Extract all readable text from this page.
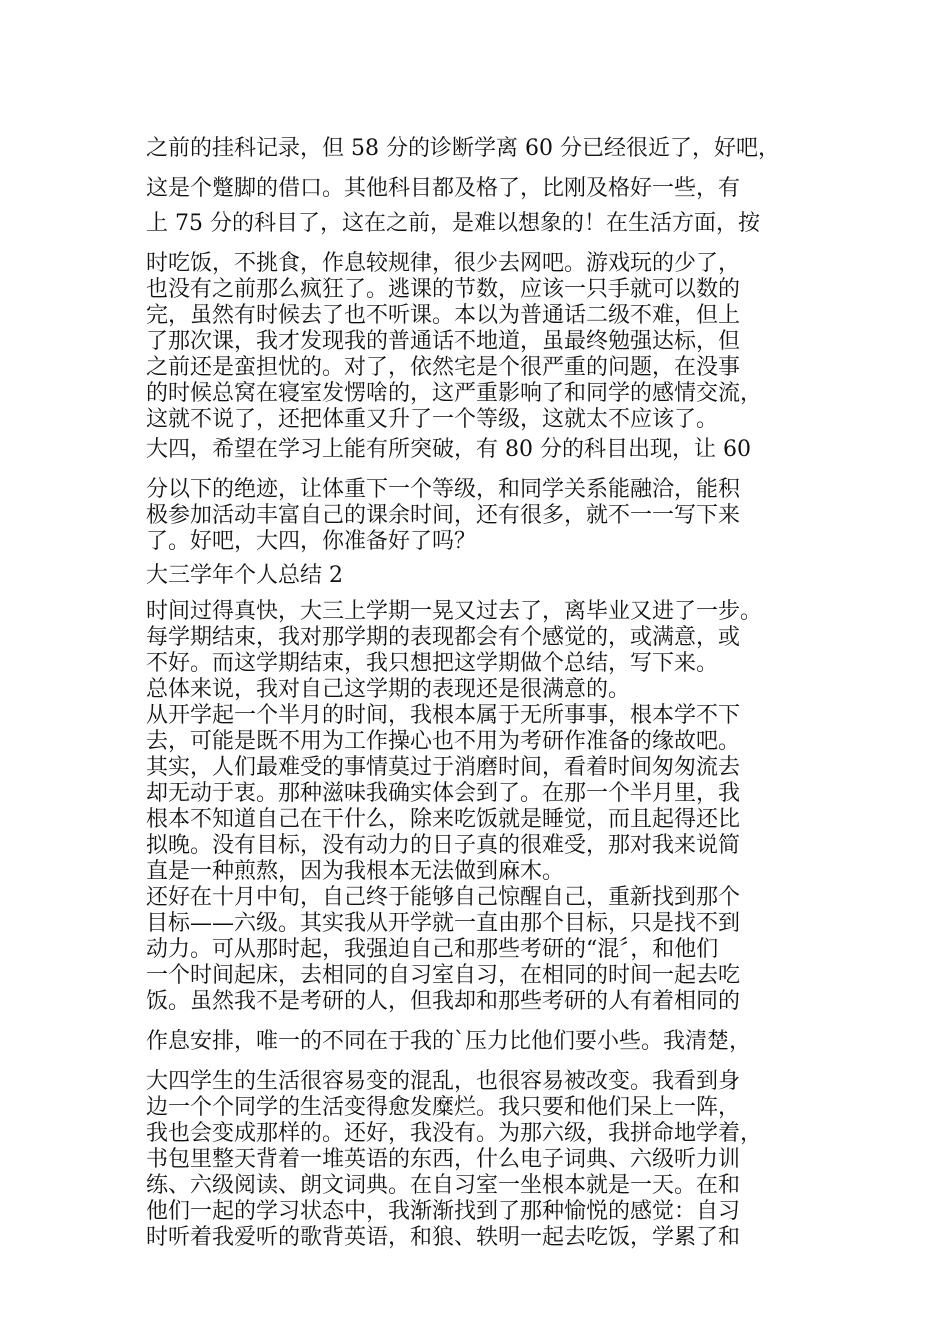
之前的挂科记录，但 58 分的诊断学离 60 分已经很近了，好吧，
这是个蹩脚的借口。其他科目都及格了，比刚及格好一些，有
上 75 分的科目了，这在之前，是难以想象的！在生活方面，按
时吃饭，不挑食，作息较规律，很少去网吧。游戏玩的少了，
也没有之前那么疯狂了。逃课的节数，应该一只手就可以数的
完，虽然有时候去了也不听课。本以为普通话二级不难，但上
了那次课，我才发现我的普通话不地道，虽最终勉强达标，但
之前还是蛮担忧的。对了，依然宅是个很严重的问题，在没事
的时候总窝在寝室发愣啥的，这严重影响了和同学的感情交流，
这就不说了，还把体重又升了一个等级，这就太不应该了。
大四，希望在学习上能有所突破，有 80 分的科目出现，让 60
分以下的绝迹，让体重下一个等级，和同学关系能融洽，能积
极参加活动丰富自己的课余时间，还有很多，就不一一写下来
了。好吧，大四，你准备好了吗？
大三学年个人总结 2
时间过得真快，大三上学期一晃又过去了，离毕业又进了一步。
每学期结束，我对那学期的表现都会有个感觉的，或满意，或
不好。而这学期结束，我只想把这学期做个总结，写下来。
总体来说，我对自己这学期的表现还是很满意的。
从开学起一个半月的时间，我根本属于无所事事，根本学不下
去，可能是既不用为工作操心也不用为考研作准备的缘故吧。
其实，人们最难受的事情莫过于消磨时间，看着时间匆匆流去
却无动于衷。那种滋味我确实体会到了。在那一个半月里，我
根本不知道自己在干什么，除来吃饭就是睡觉，而且起得还比
拟晚。没有目标，没有动力的日子真的很难受，那对我来说简
直是一种煎熬，因为我根本无法做到麻木。
还好在十月中旬，自己终于能够自己惊醒自己，重新找到那个
目标——六级。其实我从开学就一直由那个目标，只是找不到
动力。可从那时起，我强迫自己和那些考研的“混〞，和他们
一个时间起床，去相同的自习室自习，在相同的时间一起去吃
饭。虽然我不是考研的人，但我却和那些考研的人有着相同的
作息安排，唯一的不同在于我的`压力比他们要小些。我清楚，
大四学生的生活很容易变的混乱，也很容易被改变。我看到身
边一个个同学的生活变得愈发糜烂。我只要和他们呆上一阵，
我也会变成那样的。还好，我没有。为那六级，我拼命地学着，
书包里整天背着一堆英语的东西，什么电子词典、六级听力训
练、六级阅读、朗文词典。在自习室一坐根本就是一天。在和
他们一起的学习状态中，我渐渐找到了那种愉悦的感觉：自习
时听着我爱听的歌背英语，和狼、轶明一起去吃饭，学累了和
